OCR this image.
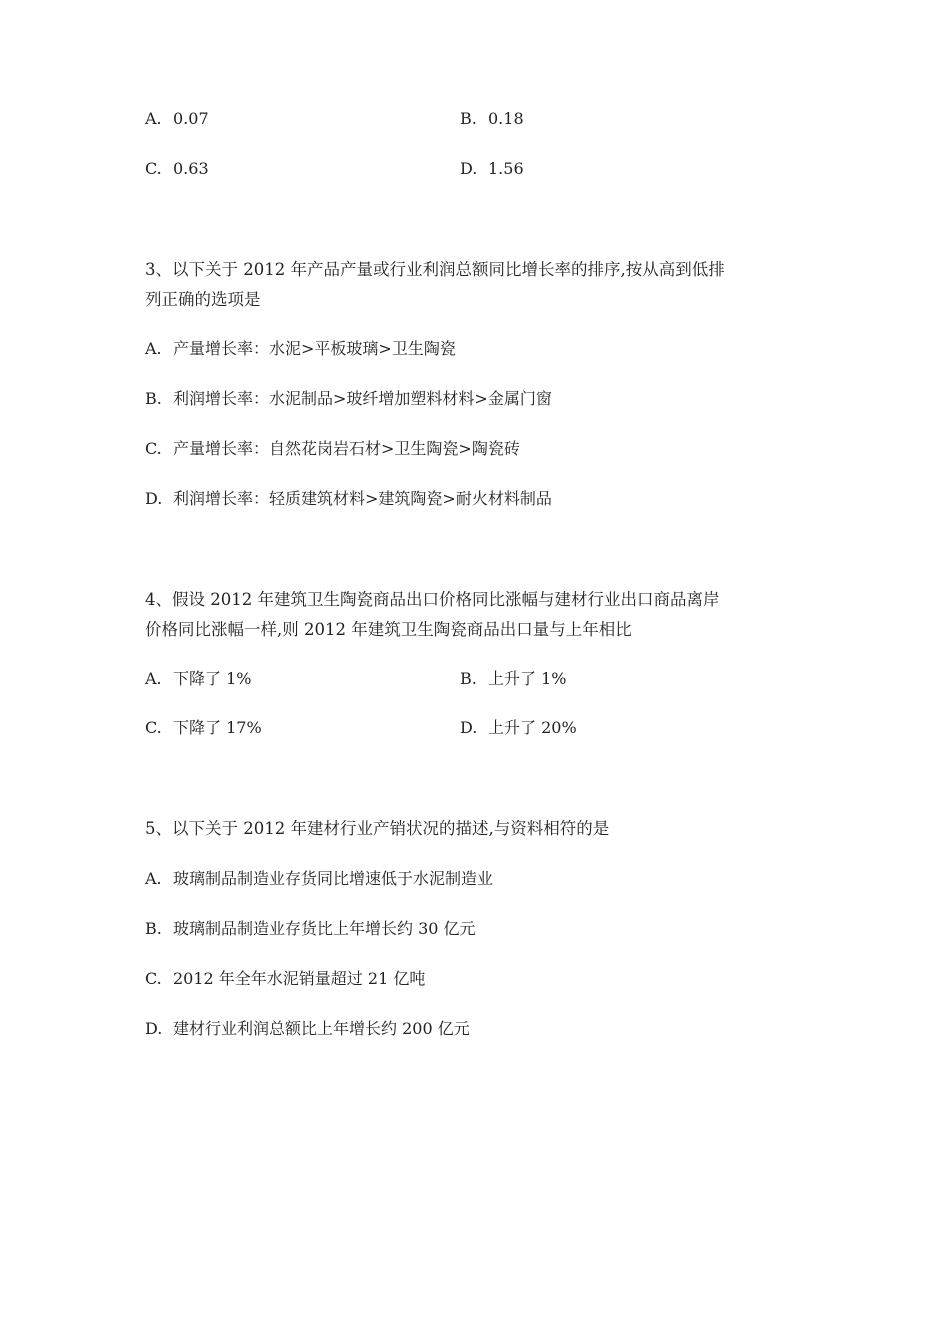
A. 0.07	B. 0.18
C. 0.63	D. 1.56
3、以下关于 2012 年产品产量或行业利润总额同比增长率的排序,按从高到低排
列正确的选项是
A. 产量增长率：水泥>平板玻璃>卫生陶瓷
B. 利润增长率：水泥制品>玻纤增加塑料材料>金属门窗
C. 产量增长率：自然花岗岩石材>卫生陶瓷>陶瓷砖
D. 利润增长率：轻质建筑材料>建筑陶瓷>耐火材料制品
4、假设 2012 年建筑卫生陶瓷商品出口价格同比涨幅与建材行业出口商品离岸
价格同比涨幅一样,则 2012 年建筑卫生陶瓷商品出口量与上年相比
A. 下降了 1%	B. 上升了 1%
C. 下降了 17%	D. 上升了 20%
5、以下关于 2012 年建材行业产销状况的描述,与资料相符的是
A. 玻璃制品制造业存货同比增速低于水泥制造业
B. 玻璃制品制造业存货比上年增长约 30 亿元
C. 2012 年全年水泥销量超过 21 亿吨
D. 建材行业利润总额比上年增长约 200 亿元
